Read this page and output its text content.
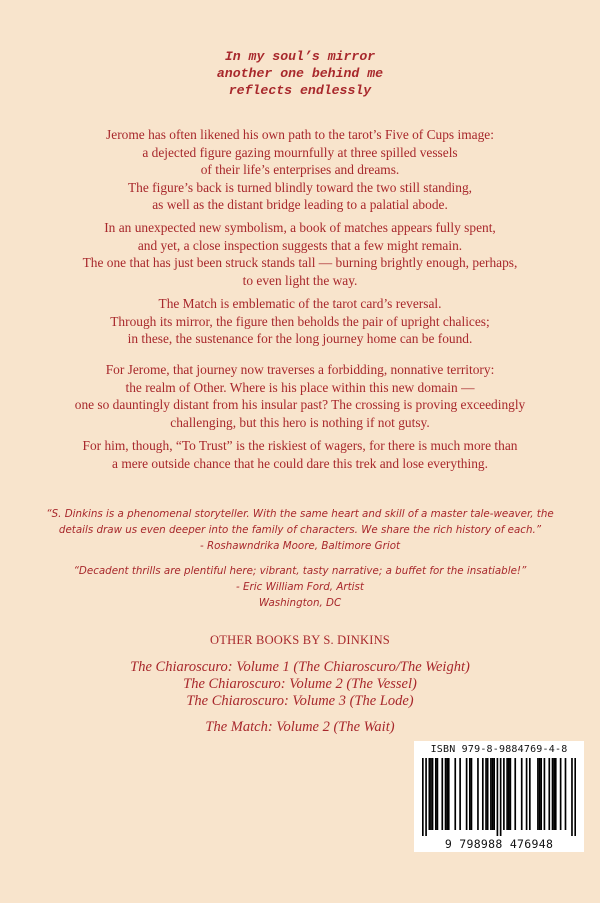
In my soul’s mirror
another one behind me
reflects endlessly
Jerome has often likened his own path to the tarot’s Five of Cups image:
a dejected figure gazing mournfully at three spilled vessels
of their life’s enterprises and dreams.
The figure’s back is turned blindly toward the two still standing,
as well as the distant bridge leading to a palatial abode.
In an unexpected new symbolism, a book of matches appears fully spent,
and yet, a close inspection suggests that a few might remain.
The one that has just been struck stands tall — burning brightly enough, perhaps,
to even light the way.
The Match is emblematic of the tarot card’s reversal.
Through its mirror, the figure then beholds the pair of upright chalices;
in these, the sustenance for the long journey home can be found.
For Jerome, that journey now traverses a forbidding, nonnative territory:
the realm of Other. Where is his place within this new domain —
one so dauntingly distant from his insular past? The crossing is proving exceedingly
challenging, but this hero is nothing if not gutsy.
For him, though, “To Trust” is the riskiest of wagers, for there is much more than
a mere outside chance that he could dare this trek and lose everything.
“S. Dinkins is a phenomenal storyteller. With the same heart and skill of a master tale-weaver, the
details draw us even deeper into the family of characters. We share the rich history of each.”
- Roshawndrika Moore, Baltimore Griot
“Decadent thrills are plentiful here; vibrant, tasty narrative; a buffet for the insatiable!”
- Eric William Ford, Artist
Washington, DC
OTHER BOOKS BY S. DINKINS
The Chiaroscuro: Volume 1 (The Chiaroscuro/The Weight)
The Chiaroscuro: Volume 2 (The Vessel)
The Chiaroscuro: Volume 3 (The Lode)
The Match: Volume 2 (The Wait)
ISBN 979-8-9884769-4-8
9 798988 476948
